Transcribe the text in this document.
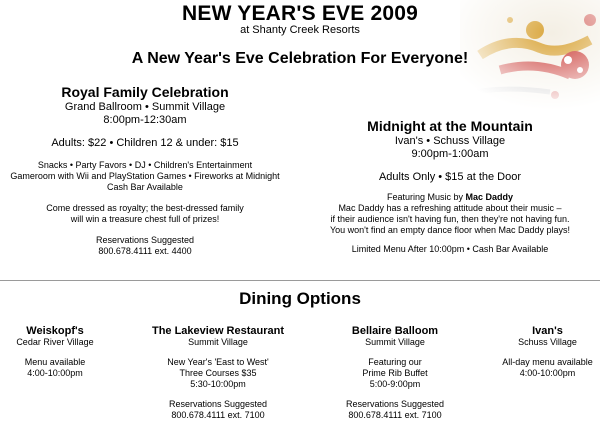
NEW YEAR'S EVE 2009
at Shanty Creek Resorts
A New Year's Eve Celebration For Everyone!
Royal Family Celebration
Grand Ballroom • Summit Village
8:00pm-12:30am
Adults: $22 • Children 12 & under: $15
Snacks • Party Favors • DJ • Children's Entertainment
Gameroom with Wii and PlayStation Games • Fireworks at Midnight
Cash Bar Available
Come dressed as royalty; the best-dressed family
will win a treasure chest full of prizes!
Reservations Suggested
800.678.4111 ext. 4400
Midnight at the Mountain
Ivan's • Schuss Village
9:00pm-1:00am
Adults Only • $15 at the Door
Featuring Music by Mac Daddy
Mac Daddy has a refreshing attitude about their music –
if their audience isn't having fun, then they're not having fun.
You won't find an empty dance floor when Mac Daddy plays!
Limited Menu After 10:00pm • Cash Bar Available
Dining Options
Weiskopf's
Cedar River Village
Menu available
4:00-10:00pm
The Lakeview Restaurant
Summit Village
New Year's 'East to West'
Three Courses $35
5:30-10:00pm
Reservations Suggested
800.678.4111 ext. 7100
Bellaire Balloom
Summit Village
Featuring our
Prime Rib Buffet
5:00-9:00pm
Reservations Suggested
800.678.4111 ext. 7100
Ivan's
Schuss Village
All-day menu available
4:00-10:00pm
